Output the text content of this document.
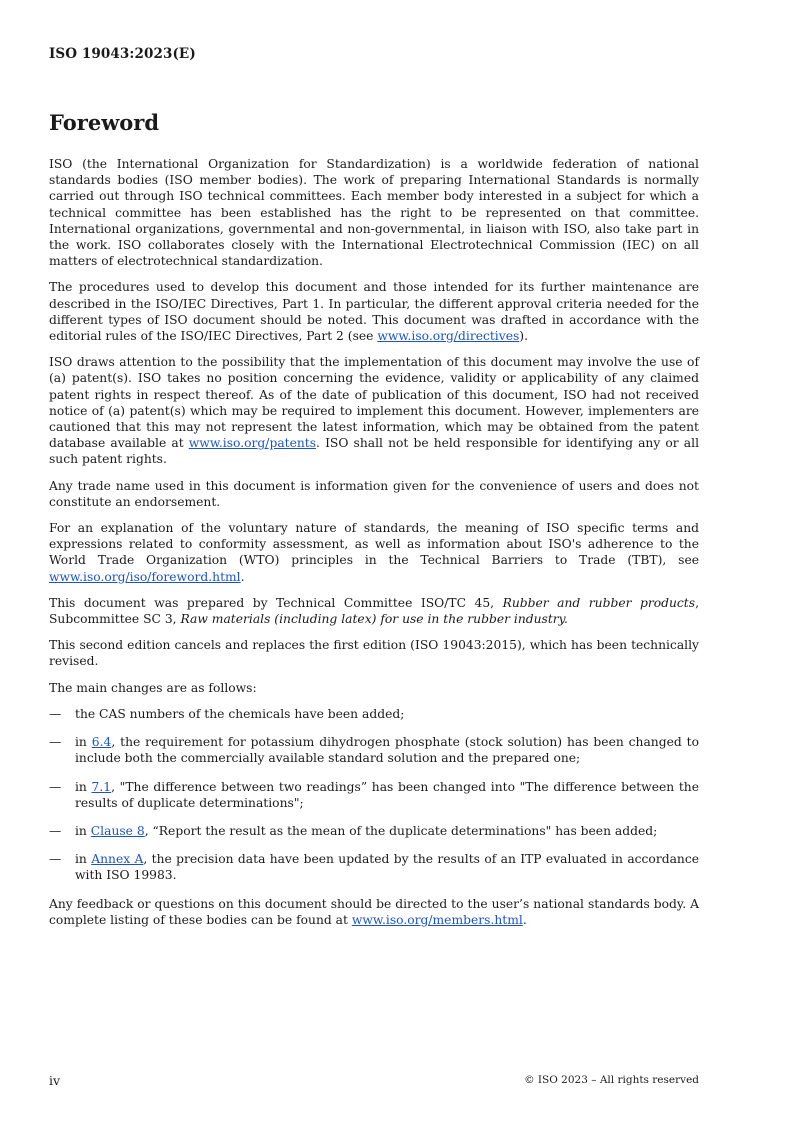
ISO 19043:2023(E)
Foreword

ISO (the International Organization for Standardization) is a worldwide federation of national standards bodies (ISO member bodies). The work of preparing International Standards is normally carried out through ISO technical committees. Each member body interested in a subject for which a technical committee has been established has the right to be represented on that committee. International organizations, governmental and non-governmental, in liaison with ISO, also take part in the work. ISO collaborates closely with the International Electrotechnical Commission (IEC) on all matters of electrotechnical standardization.

The procedures used to develop this document and those intended for its further maintenance are described in the ISO/IEC Directives, Part 1. In particular, the different approval criteria needed for the different types of ISO document should be noted. This document was drafted in accordance with the editorial rules of the ISO/IEC Directives, Part 2 (see www.iso.org/directives).

ISO draws attention to the possibility that the implementation of this document may involve the use of (a) patent(s). ISO takes no position concerning the evidence, validity or applicability of any claimed patent rights in respect thereof. As of the date of publication of this document, ISO had not received notice of (a) patent(s) which may be required to implement this document. However, implementers are cautioned that this may not represent the latest information, which may be obtained from the patent database available at www.iso.org/patents. ISO shall not be held responsible for identifying any or all such patent rights.

Any trade name used in this document is information given for the convenience of users and does not constitute an endorsement.

For an explanation of the voluntary nature of standards, the meaning of ISO specific terms and expressions related to conformity assessment, as well as information about ISO's adherence to the World Trade Organization (WTO) principles in the Technical Barriers to Trade (TBT), see www.iso.org/iso/foreword.html.

This document was prepared by Technical Committee ISO/TC 45, Rubber and rubber products, Subcommittee SC 3, Raw materials (including latex) for use in the rubber industry.

This second edition cancels and replaces the first edition (ISO 19043:2015), which has been technically revised.

The main changes are as follows:

— the CAS numbers of the chemicals have been added;
— in 6.4, the requirement for potassium dihydrogen phosphate (stock solution) has been changed to include both the commercially available standard solution and the prepared one;
— in 7.1, "The difference between two readings” has been changed into "The difference between the results of duplicate determinations";
— in Clause 8, “Report the result as the mean of the duplicate determinations" has been added;
— in Annex A, the precision data have been updated by the results of an ITP evaluated in accordance with ISO 19983.

Any feedback or questions on this document should be directed to the user’s national standards body. A complete listing of these bodies can be found at www.iso.org/members.html.

iv	© ISO 2023 – All rights reserved
